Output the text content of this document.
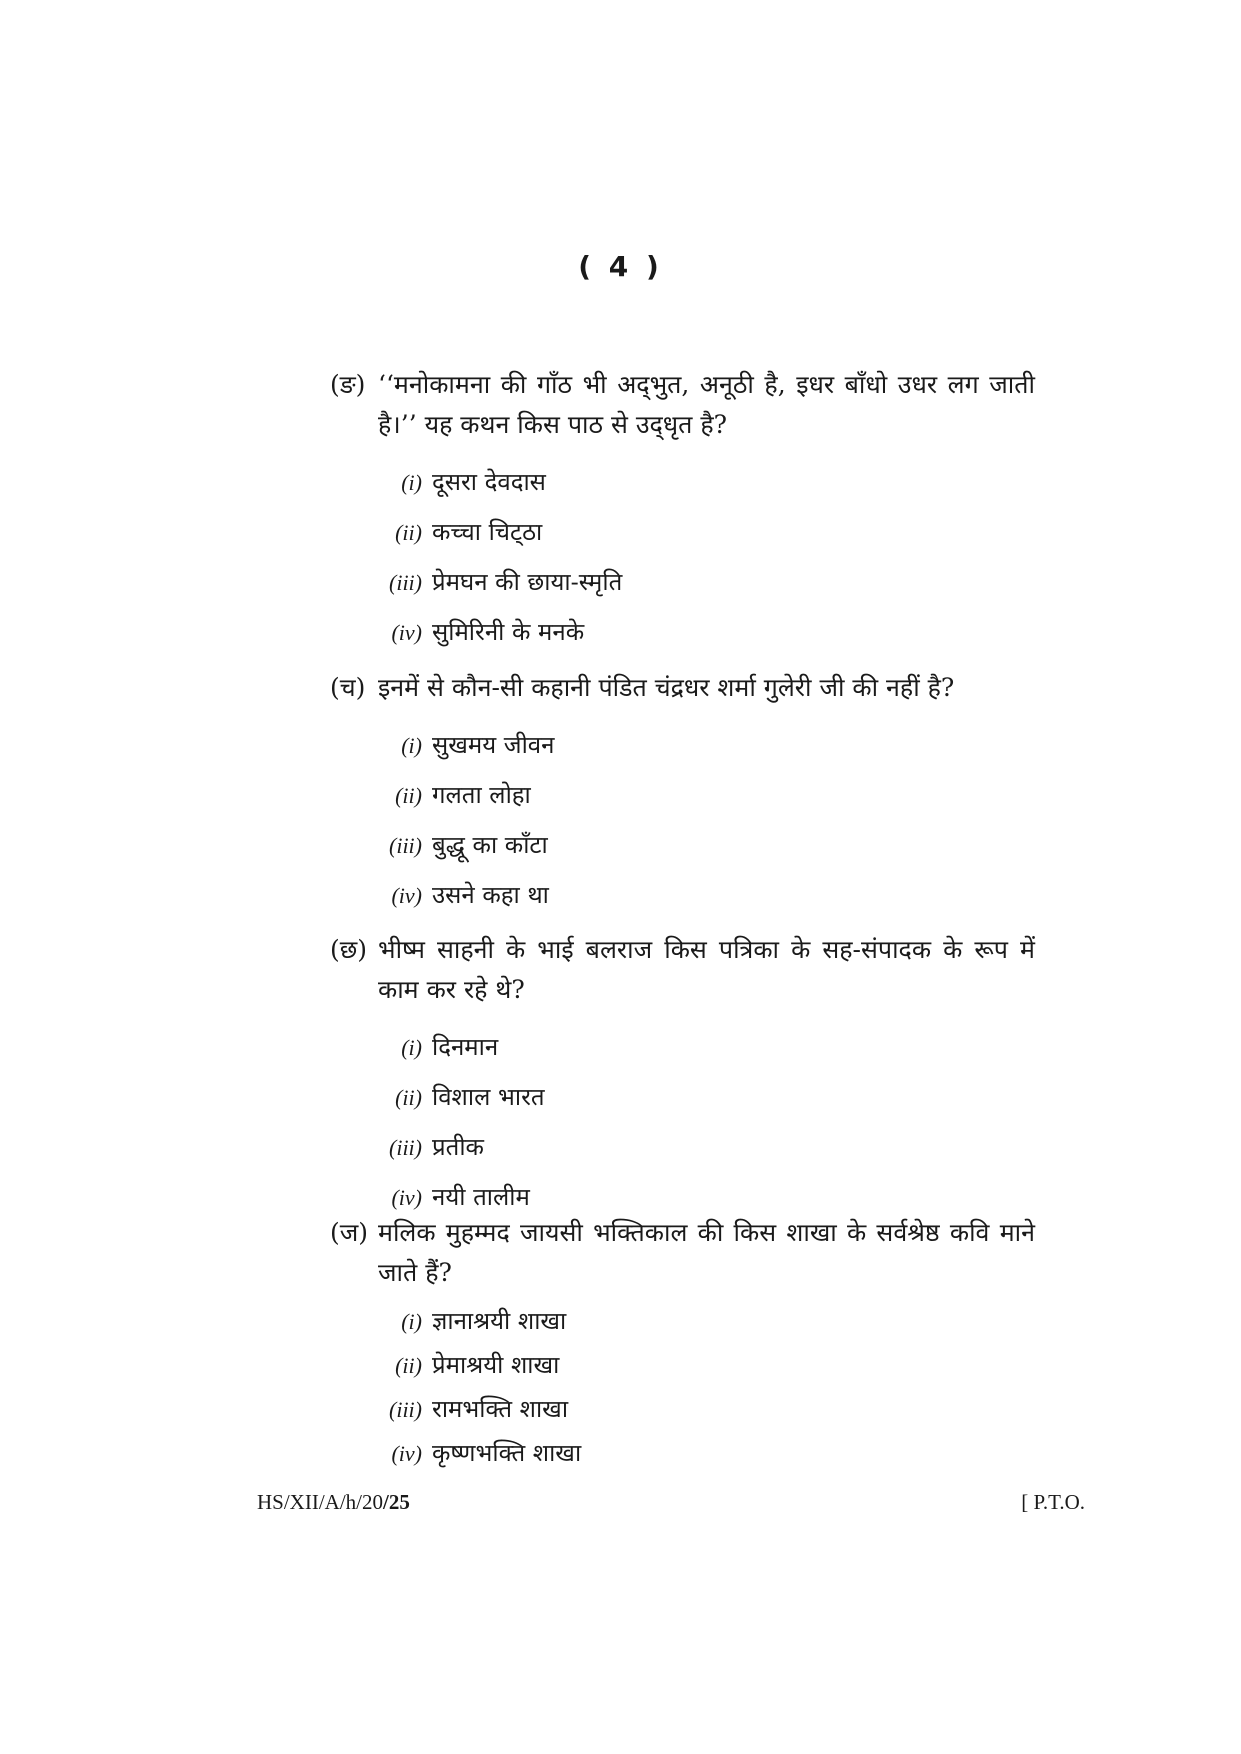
( 4 )
(ङ) ‘‘मनोकामना की गाँठ भी अद्‌भुत, अनूठी है, इधर बाँधो उधर लग जाती है।’’ यह कथन किस पाठ से उद्‌धृत है?
(i) दूसरा देवदास
(ii) कच्चा चिट्‌ठा
(iii) प्रेमघन की छाया-स्मृति
(iv) सुमिरिनी के मनके
(च) इनमें से कौन-सी कहानी पंडित चंद्रधर शर्मा गुलेरी जी की नहीं है?
(i) सुखमय जीवन
(ii) गलता लोहा
(iii) बुद्धू का काँटा
(iv) उसने कहा था
(छ) भीष्म साहनी के भाई बलराज किस पत्रिका के सह-संपादक के रूप में काम कर रहे थे?
(i) दिनमान
(ii) विशाल भारत
(iii) प्रतीक
(iv) नयी तालीम
(ज) मलिक मुहम्मद जायसी भक्तिकाल की किस शाखा के सर्वश्रेष्ठ कवि माने जाते हैं?
(i) ज्ञानाश्रयी शाखा
(ii) प्रेमाश्रयी शाखा
(iii) रामभक्ति शाखा
(iv) कृष्णभक्ति शाखा
HS/XII/A/h/20/25	[ P.T.O.
